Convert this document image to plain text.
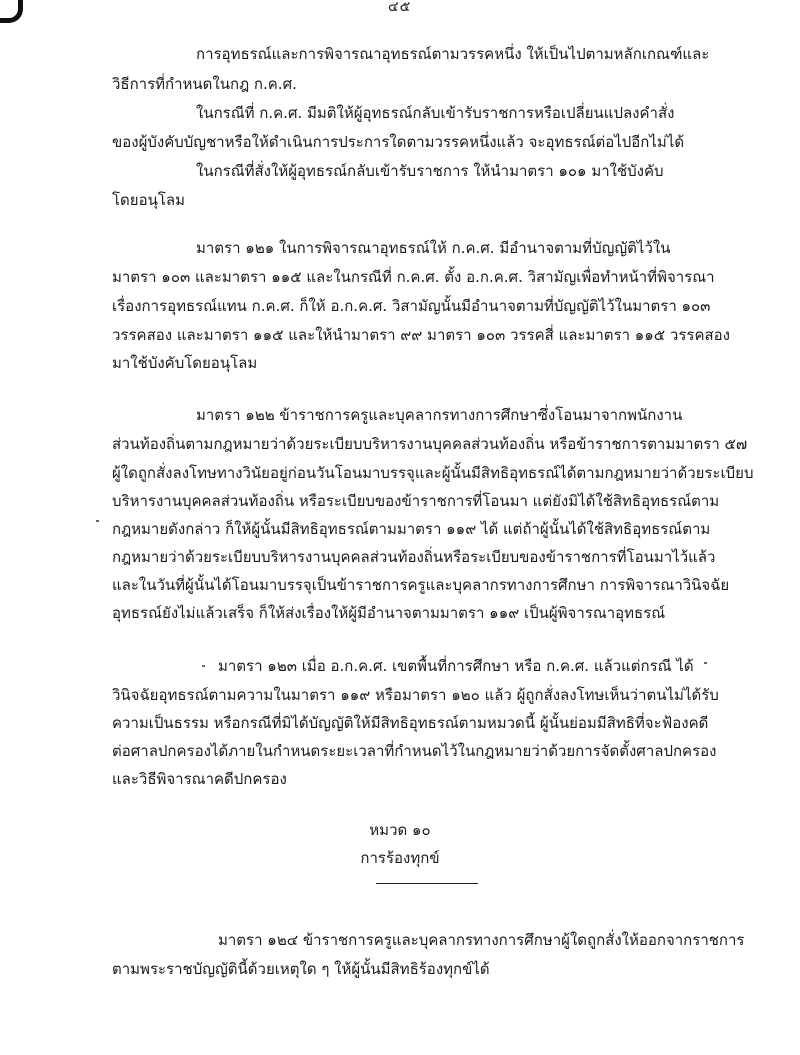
๔๕
การอุทธรณ์และการพิจารณาอุทธรณ์ตามวรรคหนึ่ง ให้เป็นไปตามหลักเกณฑ์และ
วิธีการที่กำหนดในกฎ ก.ค.ศ.
ในกรณีที่ ก.ค.ศ. มีมติให้ผู้อุทธรณ์กลับเข้ารับราชการหรือเปลี่ยนแปลงคำสั่ง
ของผู้บังคับบัญชาหรือให้ดำเนินการประการใดตามวรรคหนึ่งแล้ว จะอุทธรณ์ต่อไปอีกไม่ได้
ในกรณีที่สั่งให้ผู้อุทธรณ์กลับเข้ารับราชการ ให้นำมาตรา ๑๐๑ มาใช้บังคับ
โดยอนุโลม
มาตรา ๑๒๑ ในการพิจารณาอุทธรณ์ให้ ก.ค.ศ. มีอำนาจตามที่บัญญัติไว้ใน
มาตรา ๑๐๓ และมาตรา ๑๑๕ และในกรณีที่ ก.ค.ศ. ตั้ง อ.ก.ค.ศ. วิสามัญเพื่อทำหน้าที่พิจารณา
เรื่องการอุทธรณ์แทน ก.ค.ศ. ก็ให้ อ.ก.ค.ศ. วิสามัญนั้นมีอำนาจตามที่บัญญัติไว้ในมาตรา ๑๐๓
วรรคสอง และมาตรา ๑๑๕ และให้นำมาตรา ๙๙ มาตรา ๑๐๓ วรรคสี่ และมาตรา ๑๑๕ วรรคสอง
มาใช้บังคับโดยอนุโลม
มาตรา ๑๒๒ ข้าราชการครูและบุคลากรทางการศึกษาซึ่งโอนมาจากพนักงาน
ส่วนท้องถิ่นตามกฎหมายว่าด้วยระเบียบบริหารงานบุคคลส่วนท้องถิ่น หรือข้าราชการตามมาตรา ๕๗
ผู้ใดถูกสั่งลงโทษทางวินัยอยู่ก่อนวันโอนมาบรรจุและผู้นั้นมีสิทธิอุทธรณ์ได้ตามกฎหมายว่าด้วยระเบียบ
บริหารงานบุคคลส่วนท้องถิ่น หรือระเบียบของข้าราชการที่โอนมา แต่ยังมิได้ใช้สิทธิอุทธรณ์ตาม
กฎหมายดังกล่าว ก็ให้ผู้นั้นมีสิทธิอุทธรณ์ตามมาตรา ๑๑๙ ได้ แต่ถ้าผู้นั้นได้ใช้สิทธิอุทธรณ์ตาม
กฎหมายว่าด้วยระเบียบบริหารงานบุคคลส่วนท้องถิ่นหรือระเบียบของข้าราชการที่โอนมาไว้แล้ว
และในวันที่ผู้นั้นได้โอนมาบรรจุเป็นข้าราชการครูและบุคลากรทางการศึกษา การพิจารณาวินิจฉัย
อุทธรณ์ยังไม่แล้วเสร็จ ก็ให้ส่งเรื่องให้ผู้มีอำนาจตามมาตรา ๑๑๙ เป็นผู้พิจารณาอุทธรณ์
มาตรา ๑๒๓ เมื่อ อ.ก.ค.ศ. เขตพื้นที่การศึกษา หรือ ก.ค.ศ. แล้วแต่กรณี ได้
วินิจฉัยอุทธรณ์ตามความในมาตรา ๑๑๙ หรือมาตรา ๑๒๐ แล้ว ผู้ถูกสั่งลงโทษเห็นว่าตนไม่ได้รับ
ความเป็นธรรม หรือกรณีที่มิได้บัญญัติให้มีสิทธิอุทธรณ์ตามหมวดนี้ ผู้นั้นย่อมมีสิทธิที่จะฟ้องคดี
ต่อศาลปกครองได้ภายในกำหนดระยะเวลาที่กำหนดไว้ในกฎหมายว่าด้วยการจัดตั้งศาลปกครอง
และวิธีพิจารณาคดีปกครอง
หมวด ๑๐
การร้องทุกข์
มาตรา ๑๒๔ ข้าราชการครูและบุคลากรทางการศึกษาผู้ใดถูกสั่งให้ออกจากราชการ
ตามพระราชบัญญัตินี้ด้วยเหตุใด ๆ ให้ผู้นั้นมีสิทธิร้องทุกข์ได้
